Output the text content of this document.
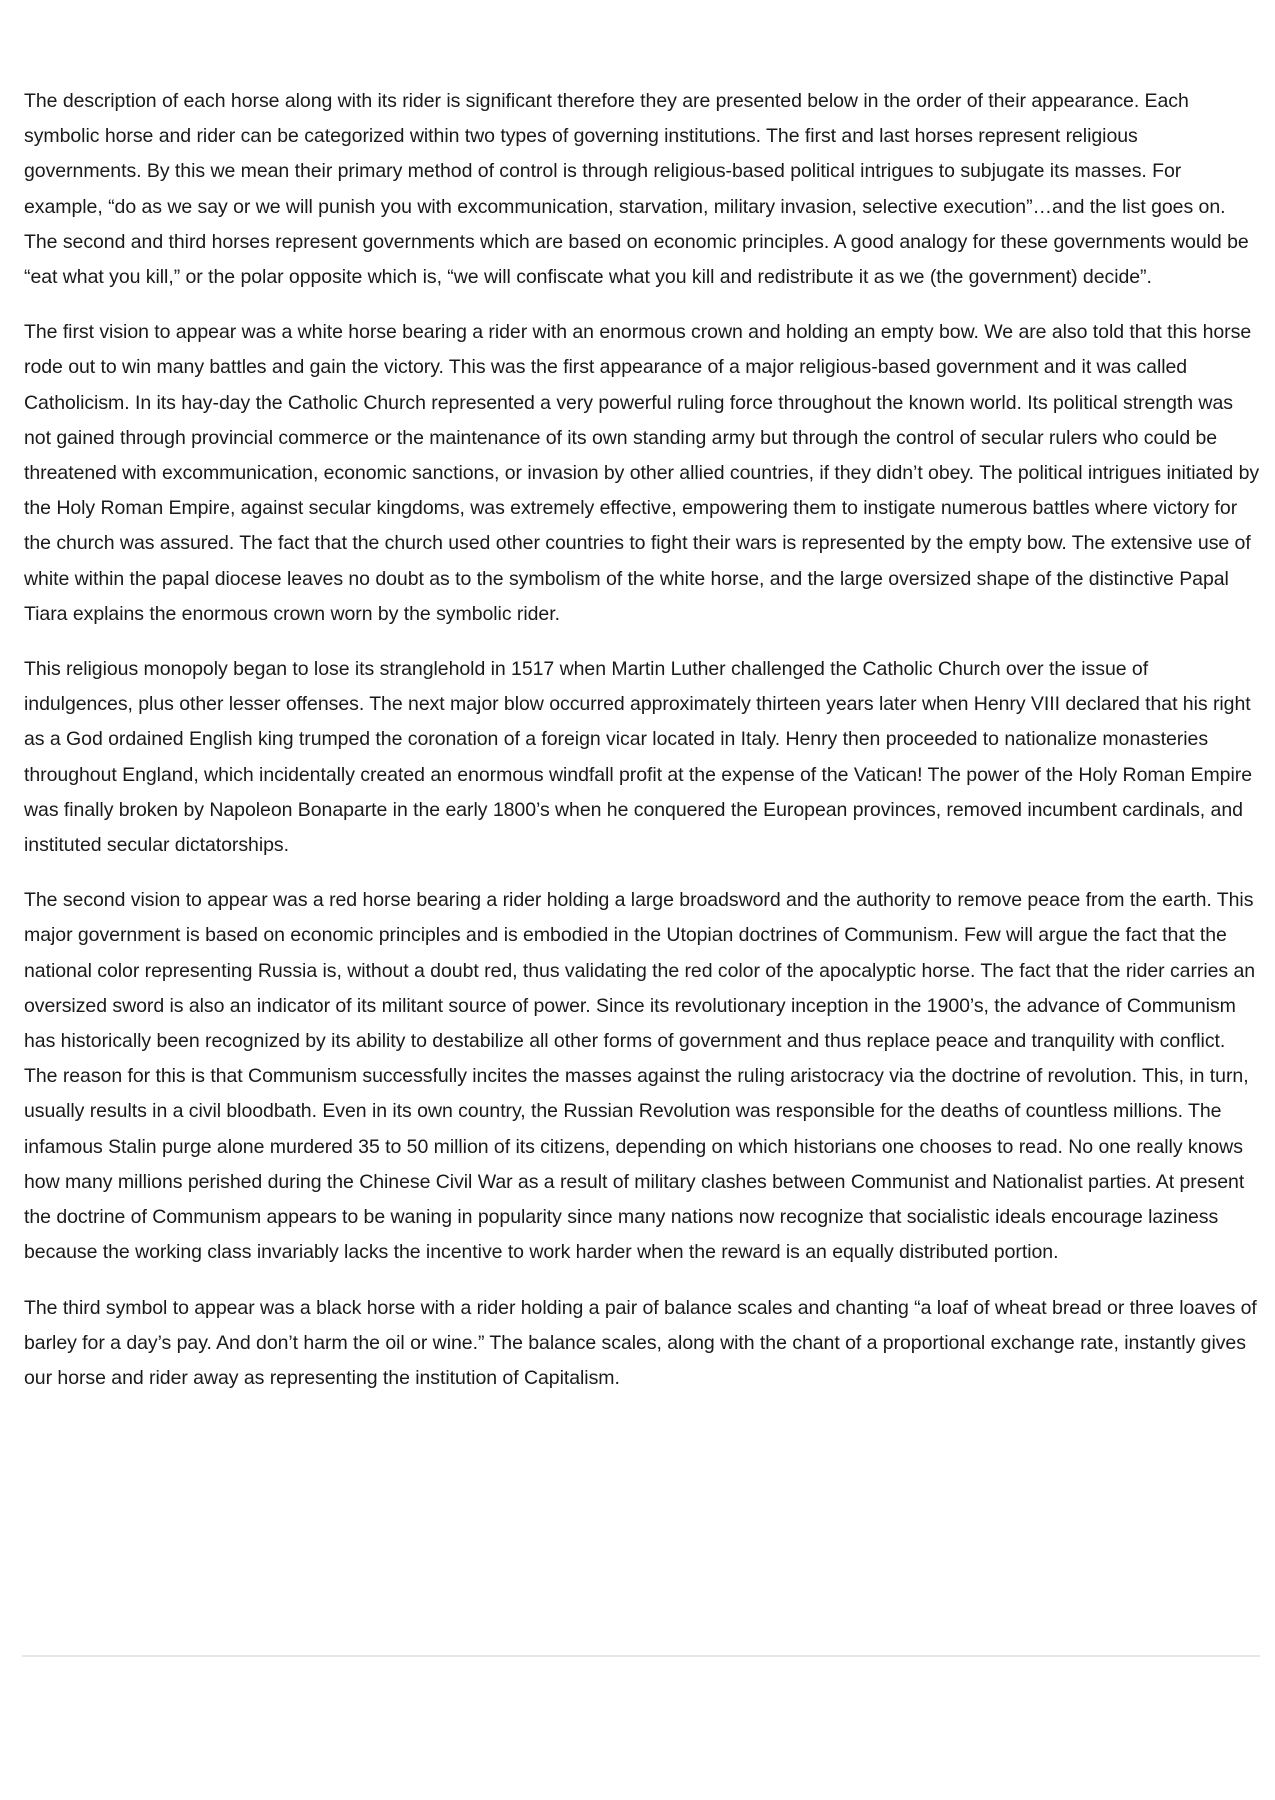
The description of each horse along with its rider is significant therefore they are presented below in the order of their appearance. Each symbolic horse and rider can be categorized within two types of governing institutions. The first and last horses represent religious governments. By this we mean their primary method of control is through religious-based political intrigues to subjugate its masses. For example, “do as we say or we will punish you with excommunication, starvation, military invasion, selective execution”…and the list goes on. The second and third horses represent governments which are based on economic principles. A good analogy for these governments would be “eat what you kill,” or the polar opposite which is, “we will confiscate what you kill and redistribute it as we (the government) decide”.

The first vision to appear was a white horse bearing a rider with an enormous crown and holding an empty bow. We are also told that this horse rode out to win many battles and gain the victory. This was the first appearance of a major religious-based government and it was called Catholicism. In its hay-day the Catholic Church represented a very powerful ruling force throughout the known world. Its political strength was not gained through provincial commerce or the maintenance of its own standing army but through the control of secular rulers who could be threatened with excommunication, economic sanctions, or invasion by other allied countries, if they didn’t obey. The political intrigues initiated by the Holy Roman Empire, against secular kingdoms, was extremely effective, empowering them to instigate numerous battles where victory for the church was assured. The fact that the church used other countries to fight their wars is represented by the empty bow. The extensive use of white within the papal diocese leaves no doubt as to the symbolism of the white horse, and the large oversized shape of the distinctive Papal Tiara explains the enormous crown worn by the symbolic rider.

This religious monopoly began to lose its stranglehold in 1517 when Martin Luther challenged the Catholic Church over the issue of indulgences, plus other lesser offenses. The next major blow occurred approximately thirteen years later when Henry VIII declared that his right as a God ordained English king trumped the coronation of a foreign vicar located in Italy. Henry then proceeded to nationalize monasteries throughout England, which incidentally created an enormous windfall profit at the expense of the Vatican! The power of the Holy Roman Empire was finally broken by Napoleon Bonaparte in the early 1800’s when he conquered the European provinces, removed incumbent cardinals, and instituted secular dictatorships.

The second vision to appear was a red horse bearing a rider holding a large broadsword and the authority to remove peace from the earth. This major government is based on economic principles and is embodied in the Utopian doctrines of Communism. Few will argue the fact that the national color representing Russia is, without a doubt red, thus validating the red color of the apocalyptic horse. The fact that the rider carries an oversized sword is also an indicator of its militant source of power. Since its revolutionary inception in the 1900’s, the advance of Communism has historically been recognized by its ability to destabilize all other forms of government and thus replace peace and tranquility with conflict. The reason for this is that Communism successfully incites the masses against the ruling aristocracy via the doctrine of revolution. This, in turn, usually results in a civil bloodbath. Even in its own country, the Russian Revolution was responsible for the deaths of countless millions. The infamous Stalin purge alone murdered 35 to 50 million of its citizens, depending on which historians one chooses to read. No one really knows how many millions perished during the Chinese Civil War as a result of military clashes between Communist and Nationalist parties. At present the doctrine of Communism appears to be waning in popularity since many nations now recognize that socialistic ideals encourage laziness because the working class invariably lacks the incentive to work harder when the reward is an equally distributed portion.

The third symbol to appear was a black horse with a rider holding a pair of balance scales and chanting “a loaf of wheat bread or three loaves of barley for a day’s pay. And don’t harm the oil or wine.” The balance scales, along with the chant of a proportional exchange rate, instantly gives our horse and rider away as representing the institution of Capitalism.
